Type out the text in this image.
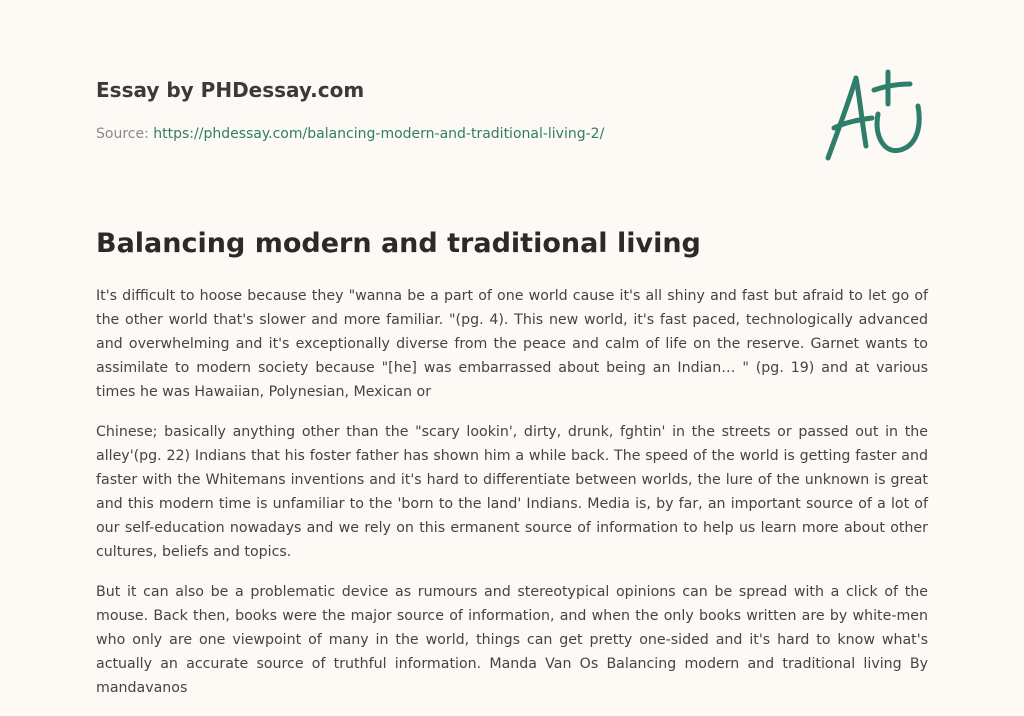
Essay by PHDessay.com
Source: https://phdessay.com/balancing-modern-and-traditional-living-2/
Balancing modern and traditional living

It's difficult to hoose because they "wanna be a part of one world cause it's all shiny and fast but afraid to let go of the other world that's slower and more familiar. "(pg. 4). This new world, it's fast paced, technologically advanced and overwhelming and it's exceptionally diverse from the peace and calm of life on the reserve. Garnet wants to assimilate to modern society because "[he] was embarrassed about being an Indian… " (pg. 19) and at various times he was Hawaiian, Polynesian, Mexican or

Chinese; basically anything other than the "scary lookin', dirty, drunk, fghtin' in the streets or passed out in the alley'(pg. 22) Indians that his foster father has shown him a while back. The speed of the world is getting faster and faster with the Whitemans inventions and it's hard to differentiate between worlds, the lure of the unknown is great and this modern time is unfamiliar to the 'born to the land' Indians. Media is, by far, an important source of a lot of our self-education nowadays and we rely on this ermanent source of information to help us learn more about other cultures, beliefs and topics.

But it can also be a problematic device as rumours and stereotypical opinions can be spread with a click of the mouse. Back then, books were the major source of information, and when the only books written are by white-men who only are one viewpoint of many in the world, things can get pretty one-sided and it's hard to know what's actually an accurate source of truthful information. Manda Van Os Balancing modern and traditional living By mandavanos
